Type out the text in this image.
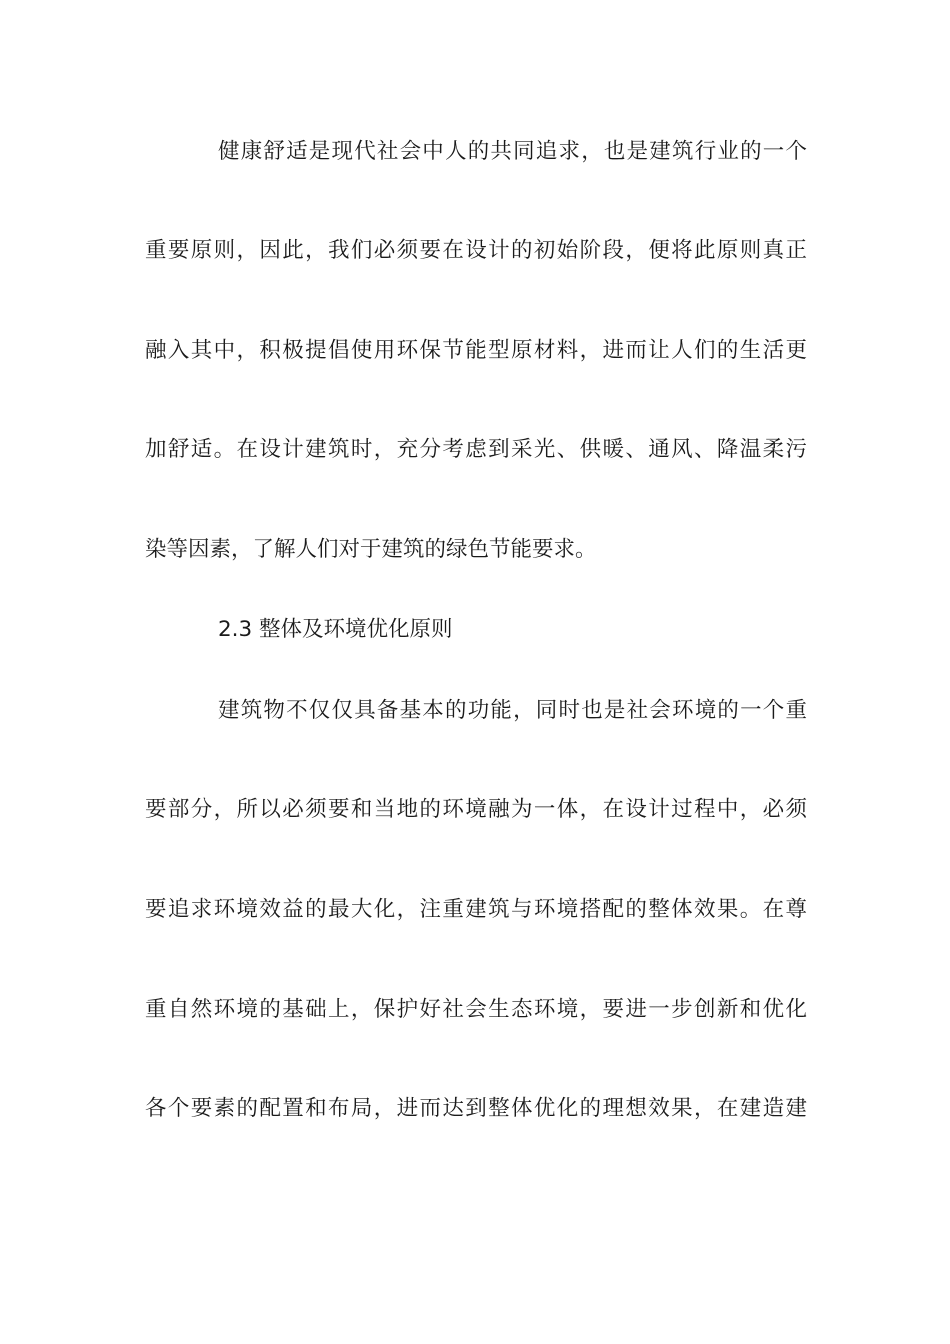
健康舒适是现代社会中人的共同追求，也是建筑行业的一个
重要原则，因此，我们必须要在设计的初始阶段，便将此原则真正
融入其中，积极提倡使用环保节能型原材料，进而让人们的生活更
加舒适。在设计建筑时，充分考虑到采光、供暖、通风、降温柔污
染等因素，了解人们对于建筑的绿色节能要求。
2.3 整体及环境优化原则
建筑物不仅仅具备基本的功能，同时也是社会环境的一个重
要部分，所以必须要和当地的环境融为一体，在设计过程中，必须
要追求环境效益的最大化，注重建筑与环境搭配的整体效果。在尊
重自然环境的基础上，保护好社会生态环境，要进一步创新和优化
各个要素的配置和布局，进而达到整体优化的理想效果，在建造建
